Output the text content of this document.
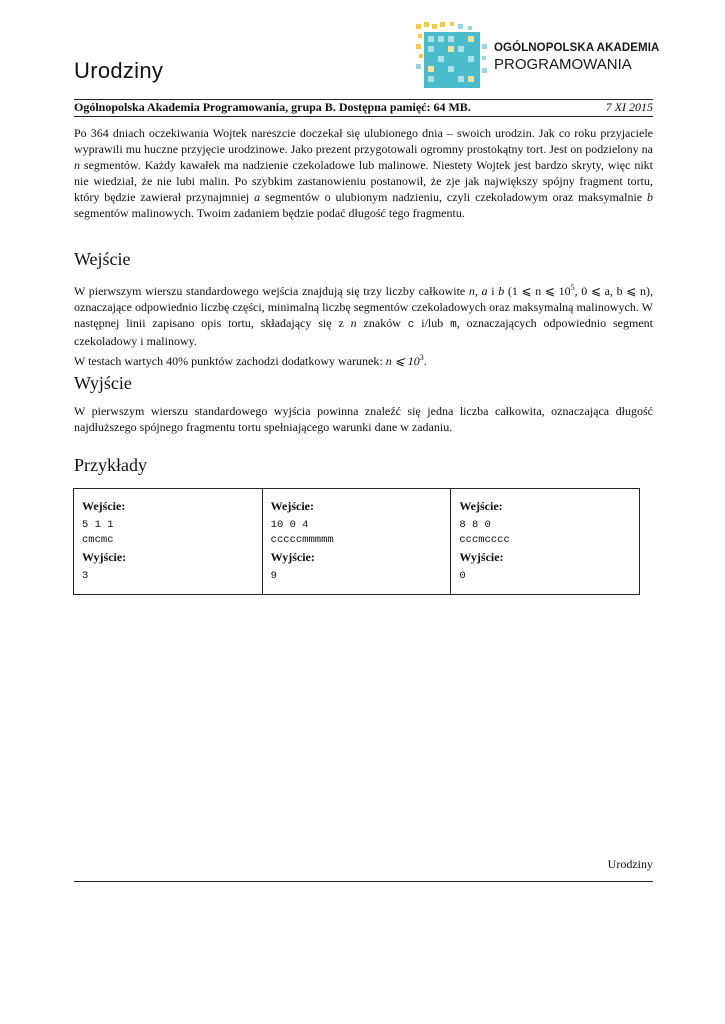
Urodziny
OGÓLNOPOLSKA AKADEMIA
PROGRAMOWANIA
Ogólnopolska Akademia Programowania, grupa B. Dostępna pamięć: 64 MB.	7 XI 2015

Po 364 dniach oczekiwania Wojtek nareszcie doczekał się ulubionego dnia – swoich urodzin. Jak co roku przyjaciele wyprawili mu huczne przyjęcie urodzinowe. Jako prezent przygotowali ogromny prostokątny tort. Jest on podzielony na n segmentów. Każdy kawałek ma nadzienie czekoladowe lub malinowe. Niestety Wojtek jest bardzo skryty, więc nikt nie wiedział, że nie lubi malin. Po szybkim zastanowieniu postanowił, że zje jak największy spójny fragment tortu, który będzie zawierał przynajmniej a segmentów o ulubionym nadzieniu, czyli czekoladowym oraz maksymalnie b segmentów malinowych. Twoim zadaniem będzie podać długość tego fragmentu.

Wejście

W pierwszym wierszu standardowego wejścia znajdują się trzy liczby całkowite n, a i b (1 ⩽ n ⩽ $10^5$, 0 ⩽ a, b ⩽ n), oznaczające odpowiednio liczbę części, minimalną liczbę segmentów czekoladowych oraz maksymalną malinowych. W następnej linii zapisano opis tortu, składający się z n znaków c i/lub m, oznaczających odpowiednio segment czekoladowy i malinowy.

W testach wartych 40% punktów zachodzi dodatkowy warunek: n ⩽ $10^3$.

Wyjście

W pierwszym wierszu standardowego wyjścia powinna znaleźć się jedna liczba całkowita, oznaczająca długość najdłuższego spójnego fragmentu tortu spełniającego warunki dane w zadaniu.

Przykłady
Wejście:
5 1 1
cmcmc
Wyjście:
3
Wejście:
10 0 4
cccccmmmmm
Wyjście:
9
Wejście:
8 8 0
cccmcccc
Wyjście:
0
Urodziny
